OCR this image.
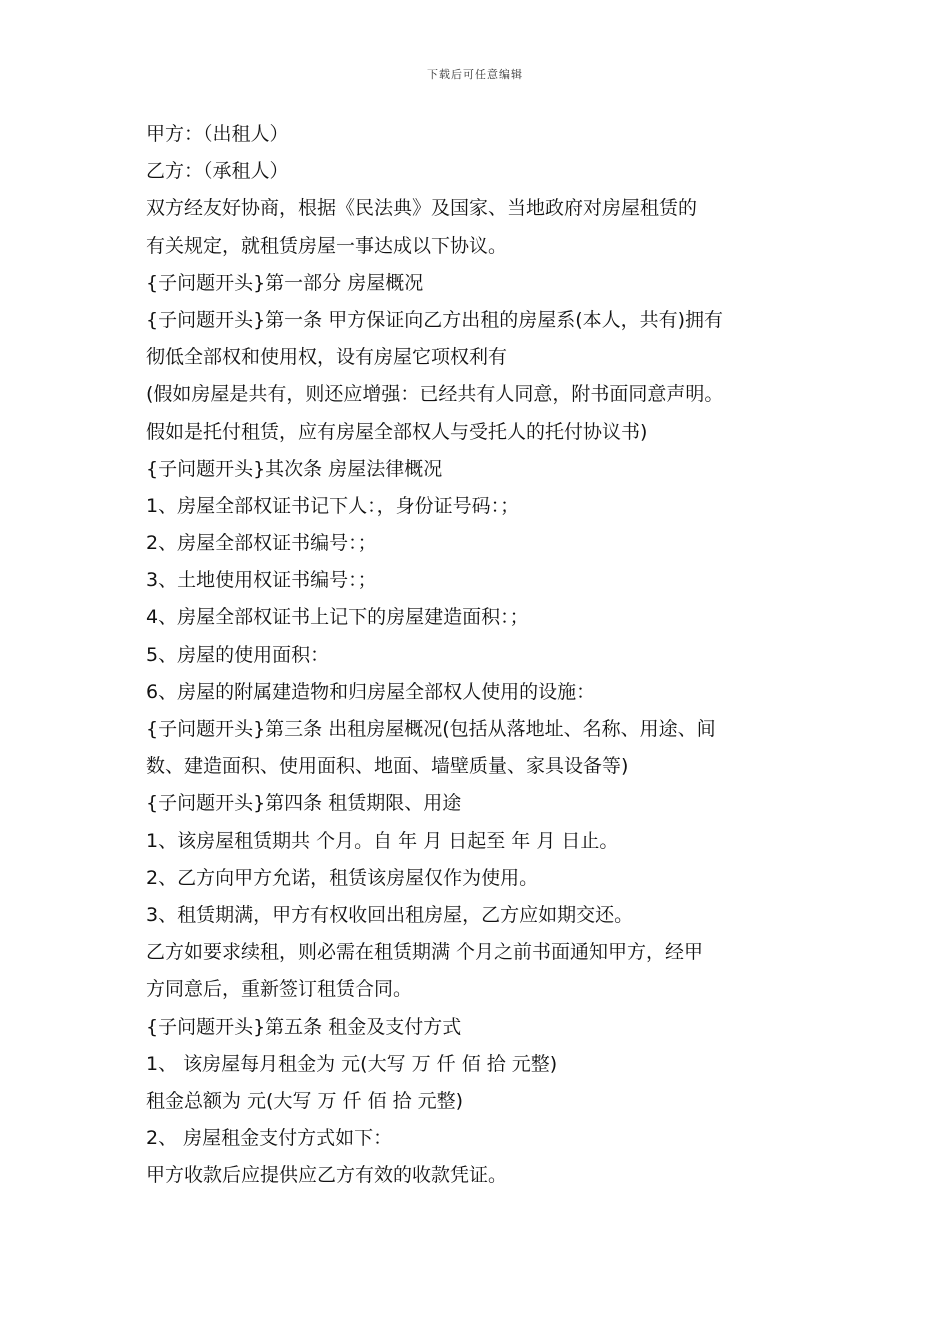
下载后可任意编辑
甲方：（出租人）
乙方：（承租人）
双方经友好协商，根据《民法典》及国家、当地政府对房屋租赁的
有关规定，就租赁房屋一事达成以下协议。
{子问题开头}第一部分 房屋概况
{子问题开头}第一条 甲方保证向乙方出租的房屋系(本人，共有)拥有
彻低全部权和使用权，设有房屋它项权利有
(假如房屋是共有，则还应增强：已经共有人同意，附书面同意声明。
假如是托付租赁，应有房屋全部权人与受托人的托付协议书)
{子问题开头}其次条 房屋法律概况
1、房屋全部权证书记下人：，身份证号码：；
2、房屋全部权证书编号：；
3、土地使用权证书编号：；
4、房屋全部权证书上记下的房屋建造面积：；
5、房屋的使用面积：
6、房屋的附属建造物和归房屋全部权人使用的设施：
{子问题开头}第三条 出租房屋概况(包括从落地址、名称、用途、间
数、建造面积、使用面积、地面、墙壁质量、家具设备等)
{子问题开头}第四条 租赁期限、用途
1、该房屋租赁期共 个月。自 年 月 日起至 年 月 日止。
2、乙方向甲方允诺，租赁该房屋仅作为使用。
3、租赁期满，甲方有权收回出租房屋，乙方应如期交还。
乙方如要求续租，则必需在租赁期满 个月之前书面通知甲方，经甲
方同意后，重新签订租赁合同。
{子问题开头}第五条 租金及支付方式
1、 该房屋每月租金为 元(大写 万 仟 佰 拾 元整)
租金总额为 元(大写 万 仟 佰 拾 元整)
2、 房屋租金支付方式如下：
甲方收款后应提供应乙方有效的收款凭证。
